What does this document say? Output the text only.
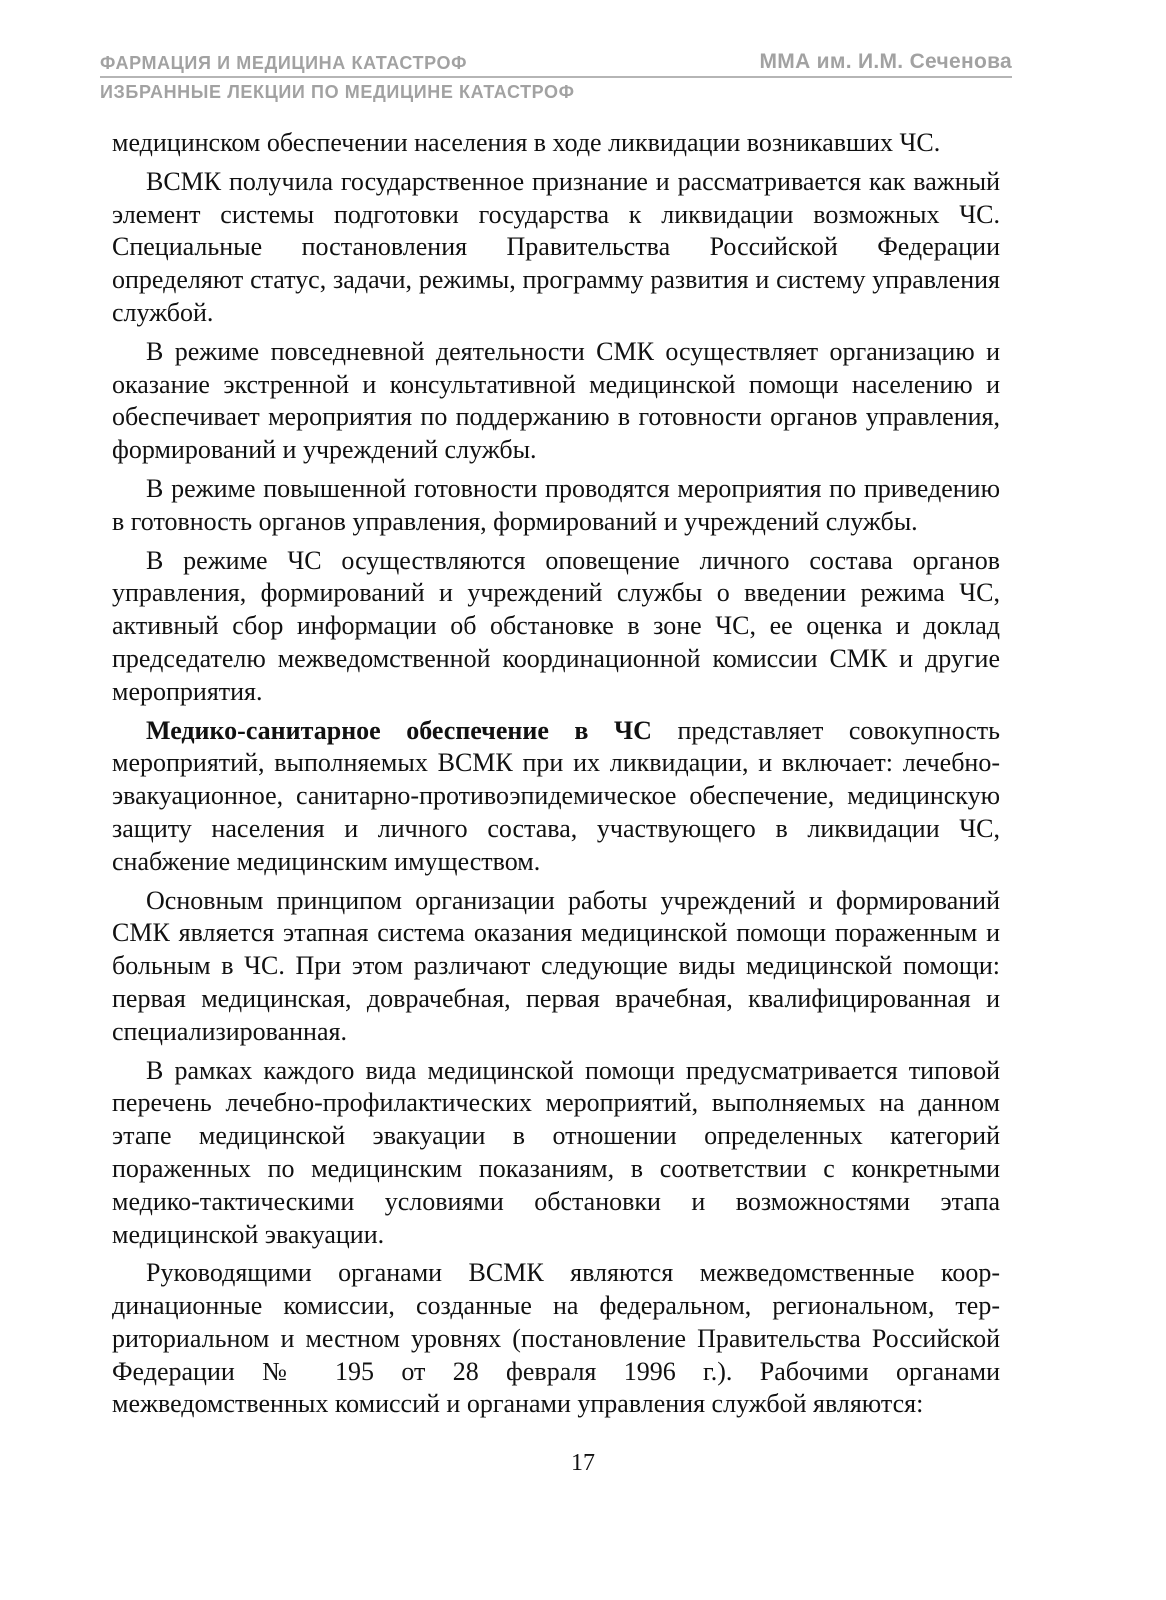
ФАРМАЦИЯ И МЕДИЦИНА КАТАСТРОФ	ММА им. И.М. Сеченова
ИЗБРАННЫЕ ЛЕКЦИИ ПО МЕДИЦИНЕ КАТАСТРОФ

медицинском обеспечении населения в ходе ликвидации возникавших ЧС.

ВСМК получила государственное признание и рассматривается как важный элемент системы подготовки государства к ликвидации возможных ЧС. Специальные постановления Правительства Российской Федерации определяют статус, задачи, режимы, программу развития и систему управления службой.

В режиме повседневной деятельности СМК осуществляет организацию и оказание экстренной и консультативной медицинской помощи населению и обеспечивает мероприятия по поддержанию в готовности органов управления, формирований и учреждений службы.

В режиме повышенной готовности проводятся мероприятия по приведению в готовность органов управления, формирований и учреждений службы.

В режиме ЧС осуществляются оповещение личного состава органов управления, формирований и учреждений службы о введении режима ЧС, активный сбор информации об обстановке в зоне ЧС, ее оценка и доклад председателю межведомственной координационной комиссии СМК и другие мероприятия.

Медико-санитарное обеспечение в ЧС представляет совокупность мероприятий, выполняемых ВСМК при их ликвидации, и включает: лечебно-эвакуационное, санитарно-противоэпидемическое обеспечение, медицинскую защиту населения и личного состава, участвующего в ликвидации ЧС, снабжение медицинским имуществом.

Основным принципом организации работы учреждений и формирований СМК является этапная система оказания медицинской помощи пораженным и больным в ЧС. При этом различают следующие виды медицинской помощи: первая медицинская, доврачебная, первая врачебная, квалифицированная и специализированная.

В рамках каждого вида медицинской помощи предусматривается типовой перечень лечебно-профилактических мероприятий, выполняемых на данном этапе медицинской эвакуации в отношении определенных категорий пораженных по медицинским показаниям, в соответствии с конкретными медико-тактическими условиями обстановки и возможностями этапа медицинской эвакуации.

Руководящими органами ВСМК являются межведомственные координационные комиссии, созданные на федеральном, региональном, территориальном и местном уровнях (постановление Правительства Российской Федерации № 195 от 28 февраля 1996 г.). Рабочими органами межведомственных комиссий и органами управления службой являются:

17
